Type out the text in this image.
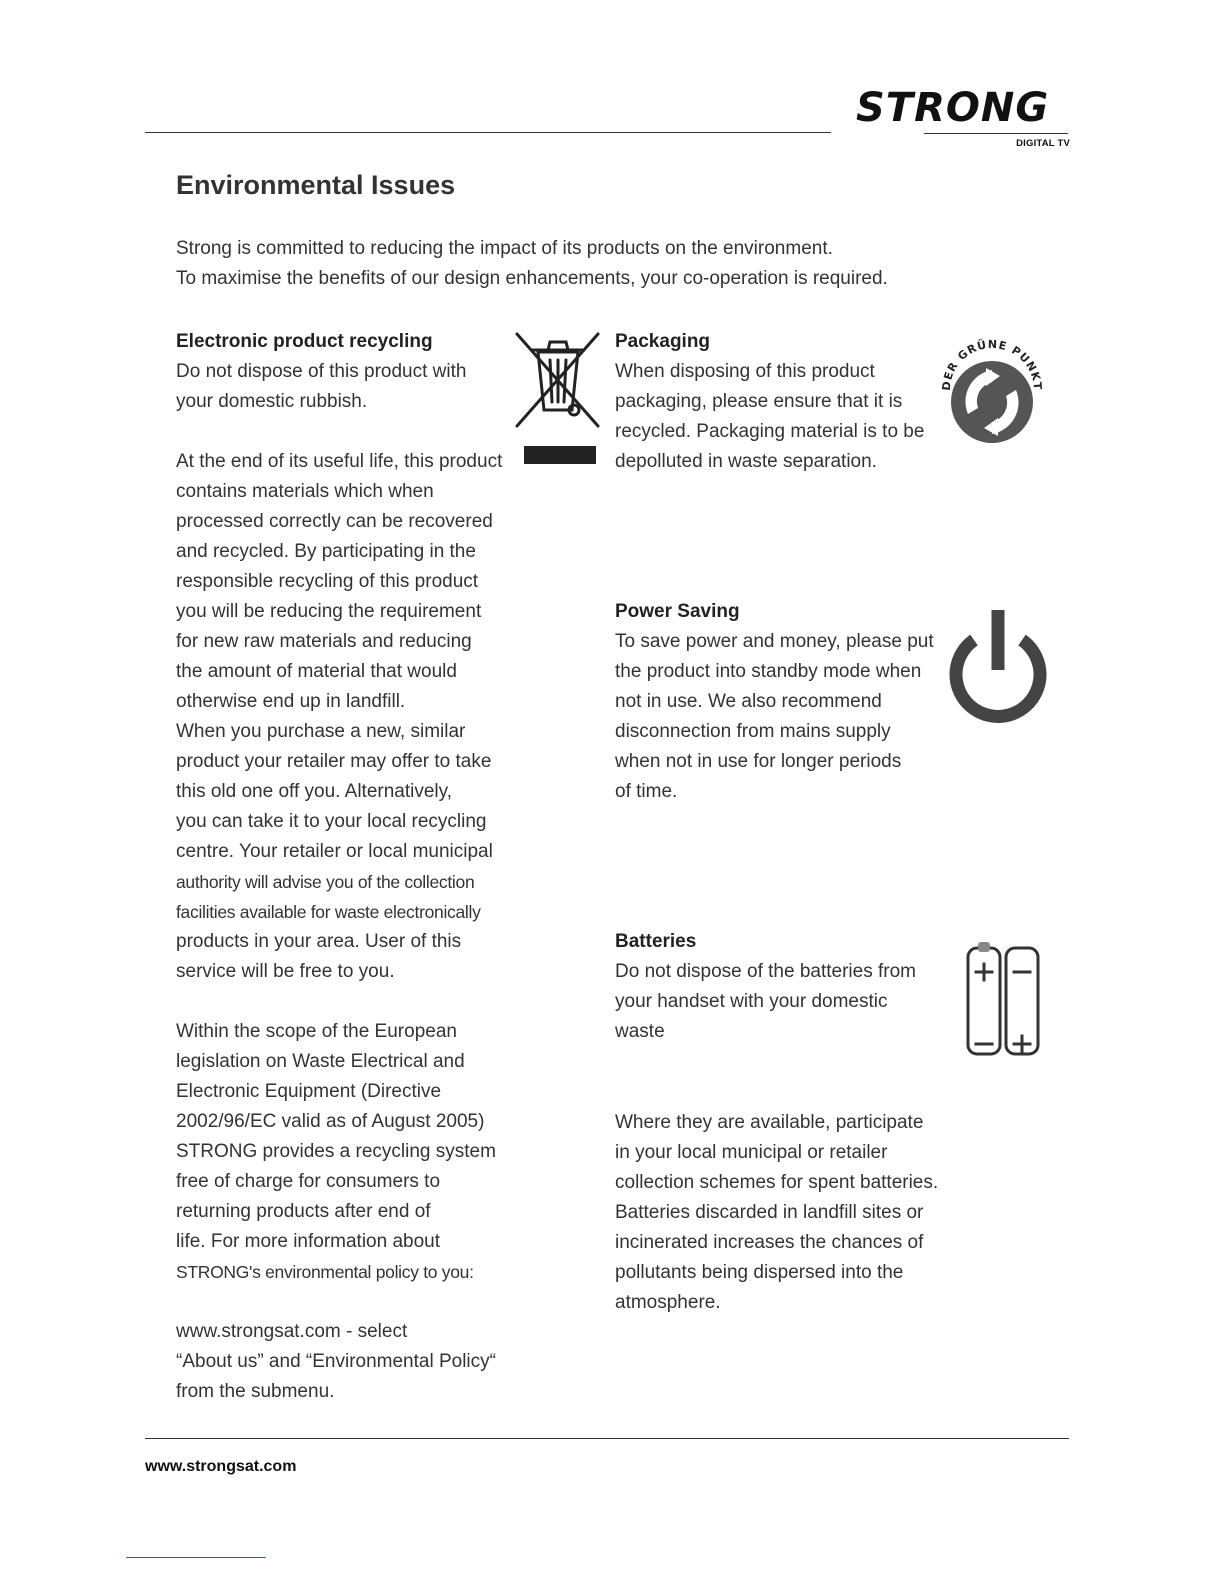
STRONG
DIGITAL TV
Environmental Issues
Strong is committed to reducing the impact of its products on the environment.
To maximise the benefits of our design enhancements, your co-operation is required.

Electronic product recycling

Do not dispose of this product with

your domestic rubbish.

At the end of its useful life, this product

contains materials which when

processed correctly can be recovered

and recycled. By participating in the

responsible recycling of this product

you will be reducing the requirement

for new raw materials and reducing

the amount of material that would

otherwise end up in landfill.

When you purchase a new, similar

product your retailer may offer to take

this old one off you. Alternatively,

you can take it to your local recycling

centre. Your retailer or local municipal

authority will advise you of the collection

facilities available for waste electronically

products in your area. User of this

service will be free to you.

Within the scope of the European

legislation on Waste Electrical and

Electronic Equipment (Directive

2002/96/EC valid as of August 2005)

STRONG provides a recycling system

free of charge for consumers to

returning products after end of

life. For more information about

STRONG's environmental policy to you:

www.strongsat.com - select

“About us” and “Environmental Policy“

from the submenu.

Packaging

When disposing of this product

packaging, please ensure that it is

recycled. Packaging material is to be

depolluted in waste separation.

DER GRÜNE PUNKT

Power Saving

To save power and money, please put

the product into standby mode when

not in use. We also recommend

disconnection from mains supply

when not in use for longer periods

of time.

Batteries

Do not dispose of the batteries from

your handset with your domestic

waste

Where they are available, participate

in your local municipal or retailer

collection schemes for spent batteries.

Batteries discarded in landfill sites or

incinerated increases the chances of

pollutants being dispersed into the

atmosphere.

www.strongsat.com
